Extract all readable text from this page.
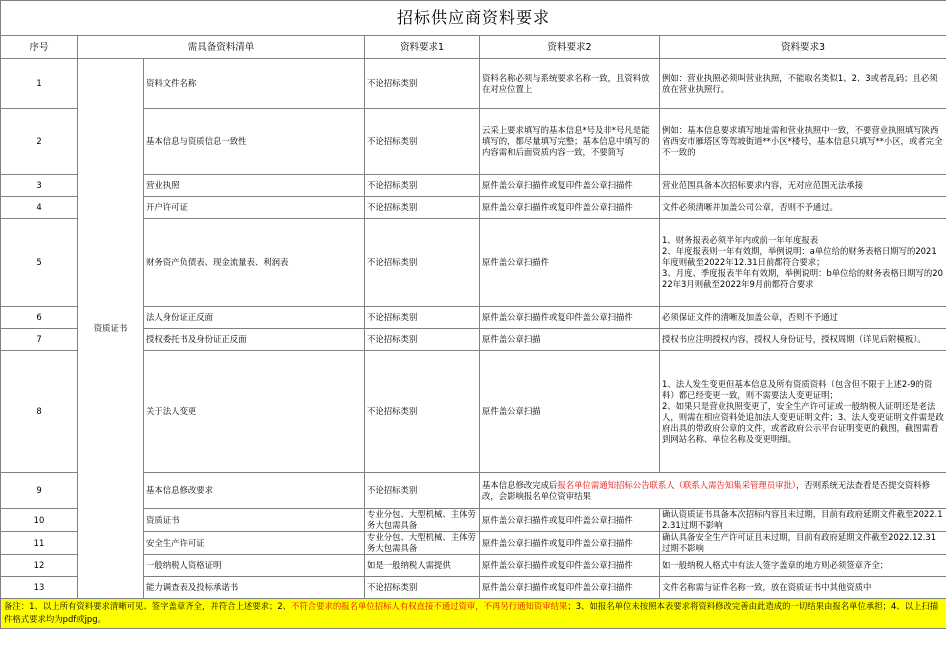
招标供应商资料要求					
序号	需具备资料清单		资料要求1	资料要求2	资料要求3
1	资质证书	资料文件名称	不论招标类别	资料名称必须与系统要求名称一致，且资料放在对应位置上	例如：营业执照必须叫营业执照，不能取名类似1、2、3或者乱码；且必须放在营业执照行。
2		基本信息与资质信息一致性	不论招标类别	云采上要求填写的基本信息*号及非*号凡是能填写的，都尽量填写完整；基本信息中填写的内容需和后面资质内容一致，不要简写	例如：基本信息要求填写地址需和营业执照中一致，不要营业执照填写陕西省西安市雁塔区等驾坡街道**小区*楼号，基本信息只填写**小区，或者完全不一致的
3		营业执照	不论招标类别	原件盖公章扫描件或复印件盖公章扫描件	营业范围具备本次招标要求内容，无对应范围无法承接
4		开户许可证	不论招标类别	原件盖公章扫描件或复印件盖公章扫描件	文件必须清晰并加盖公司公章，否则不予通过。
5		财务资产负债表、现金流量表、利润表	不论招标类别	原件盖公章扫描件	1、财务报表必须半年内或前一年年度报表
2、年度报表则一年有效期，举例说明：a单位给的财务表格日期写的2021年度则截至2022年12.31日前都符合要求；
3、月度、季度报表半年有效期，举例说明：b单位给的财务表格日期写的2022年3月则截至2022年9月前都符合要求
6		法人身份证正反面	不论招标类别	原件盖公章扫描件或复印件盖公章扫描件	必须保证文件的清晰及加盖公章，否则不予通过
7		授权委托书及身份证正反面	不论招标类别	原件盖公章扫描	授权书应注明授权内容，授权人身份证号，授权周期（详见后附模板）。
8		关于法人变更	不论招标类别	原件盖公章扫描	1、法人发生变更但基本信息及所有资质资料（包含但不限于上述2-9的资料）都已经变更一致，则不需要法人变更证明；
2、如果只是营业执照变更了，安全生产许可证或一般纳税人证明还是老法人，则需在相应资料处追加法人变更证明文件；3、法人变更证明文件需是政府出具的带政府公章的文件，或者政府公示平台证明变更的截图，截图需看到网站名称、单位名称及变更明细。
9		基本信息修改要求	不论招标类别	基本信息修改完成后报名单位需通知招标公告联系人（联系人需告知集采管理员审批），否则系统无法查看是否提交资料修改，会影响报名单位资审结果	
10		资质证书	专业分包、大型机械、主体劳务大包需具备	原件盖公章扫描件或复印件盖公章扫描件	确认资质证书具备本次招标内容且未过期，目前有政府延期文件截至2022.12.31过期不影响
11		安全生产许可证	专业分包、大型机械、主体劳务大包需具备	原件盖公章扫描件或复印件盖公章扫描件	确认具备安全生产许可证且未过期，目前有政府延期文件截至2022.12.31过期不影响
12		一般纳税人资格证明	如是一般纳税人需提供	原件盖公章扫描件或复印件盖公章扫描件	如一般纳税人格式中有法人签字盖章的地方则必须签章齐全；
13		能力调查表及投标承诺书	不论招标类别	原件盖公章扫描件或复印件盖公章扫描件	文件名称需与证件名称一致，放在资质证书中其他资质中
备注：1、以上所有资料要求清晰可见、签字盖章齐全，并符合上述要求；2、不符合要求的报名单位招标人有权直接不通过资审，不再另行通知资审结果；3、如报名单位未按照本表要求将资料修改完善由此造成的一切结果由报名单位承担；4、以上扫描件格式要求均为pdf或jpg。					
